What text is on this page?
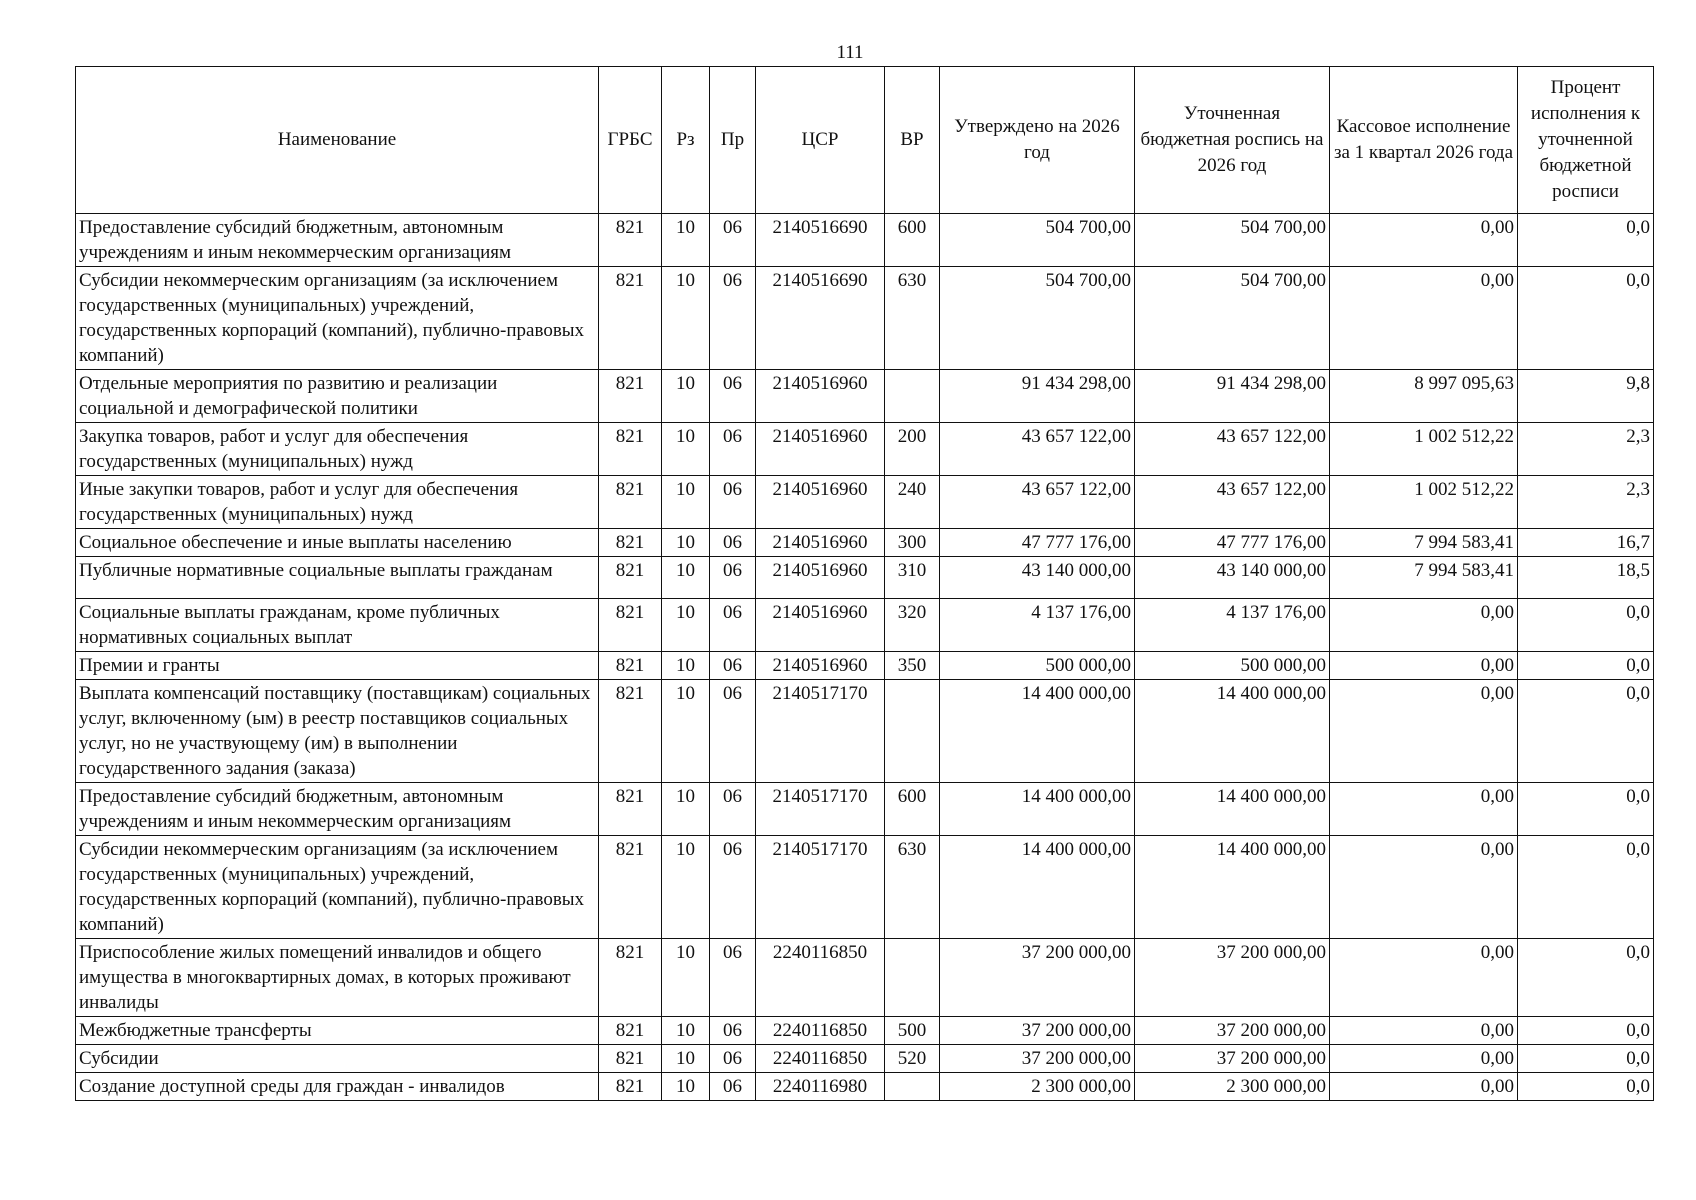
111
Наименование	ГРБС	Рз	Пр	ЦСР	ВР	Утверждено на 2026 год	Уточненная бюджетная роспись на 2026 год	Кассовое исполнение за 1 квартал 2026 года	Процент исполнения к уточненной бюджетной росписи
Предоставление субсидий бюджетным, автономным учреждениям и иным некоммерческим организациям	821	10	06	2140516690	600	504 700,00	504 700,00	0,00	0,0
Субсидии некоммерческим организациям (за исключением государственных (муниципальных) учреждений, государственных корпораций (компаний), публично-правовых компаний)	821	10	06	2140516690	630	504 700,00	504 700,00	0,00	0,0
Отдельные мероприятия по развитию и реализации социальной и демографической политики	821	10	06	2140516960		91 434 298,00	91 434 298,00	8 997 095,63	9,8
Закупка товаров, работ и услуг для обеспечения государственных (муниципальных) нужд	821	10	06	2140516960	200	43 657 122,00	43 657 122,00	1 002 512,22	2,3
Иные закупки товаров, работ и услуг для обеспечения государственных (муниципальных) нужд	821	10	06	2140516960	240	43 657 122,00	43 657 122,00	1 002 512,22	2,3
Социальное обеспечение и иные выплаты населению	821	10	06	2140516960	300	47 777 176,00	47 777 176,00	7 994 583,41	16,7
Публичные нормативные социальные выплаты гражданам	821	10	06	2140516960	310	43 140 000,00	43 140 000,00	7 994 583,41	18,5
Социальные выплаты гражданам, кроме публичных нормативных социальных выплат	821	10	06	2140516960	320	4 137 176,00	4 137 176,00	0,00	0,0
Премии и гранты	821	10	06	2140516960	350	500 000,00	500 000,00	0,00	0,0
Выплата компенсаций поставщику (поставщикам) социальных услуг, включенному (ым) в реестр поставщиков социальных услуг, но не участвующему (им) в выполнении государственного задания (заказа)	821	10	06	2140517170		14 400 000,00	14 400 000,00	0,00	0,0
Предоставление субсидий бюджетным, автономным учреждениям и иным некоммерческим организациям	821	10	06	2140517170	600	14 400 000,00	14 400 000,00	0,00	0,0
Субсидии некоммерческим организациям (за исключением государственных (муниципальных) учреждений, государственных корпораций (компаний), публично-правовых компаний)	821	10	06	2140517170	630	14 400 000,00	14 400 000,00	0,00	0,0
Приспособление жилых помещений инвалидов и общего имущества в многоквартирных домах, в которых проживают инвалиды	821	10	06	2240116850		37 200 000,00	37 200 000,00	0,00	0,0
Межбюджетные трансферты	821	10	06	2240116850	500	37 200 000,00	37 200 000,00	0,00	0,0
Субсидии	821	10	06	2240116850	520	37 200 000,00	37 200 000,00	0,00	0,0
Создание доступной среды для граждан - инвалидов	821	10	06	2240116980		2 300 000,00	2 300 000,00	0,00	0,0
